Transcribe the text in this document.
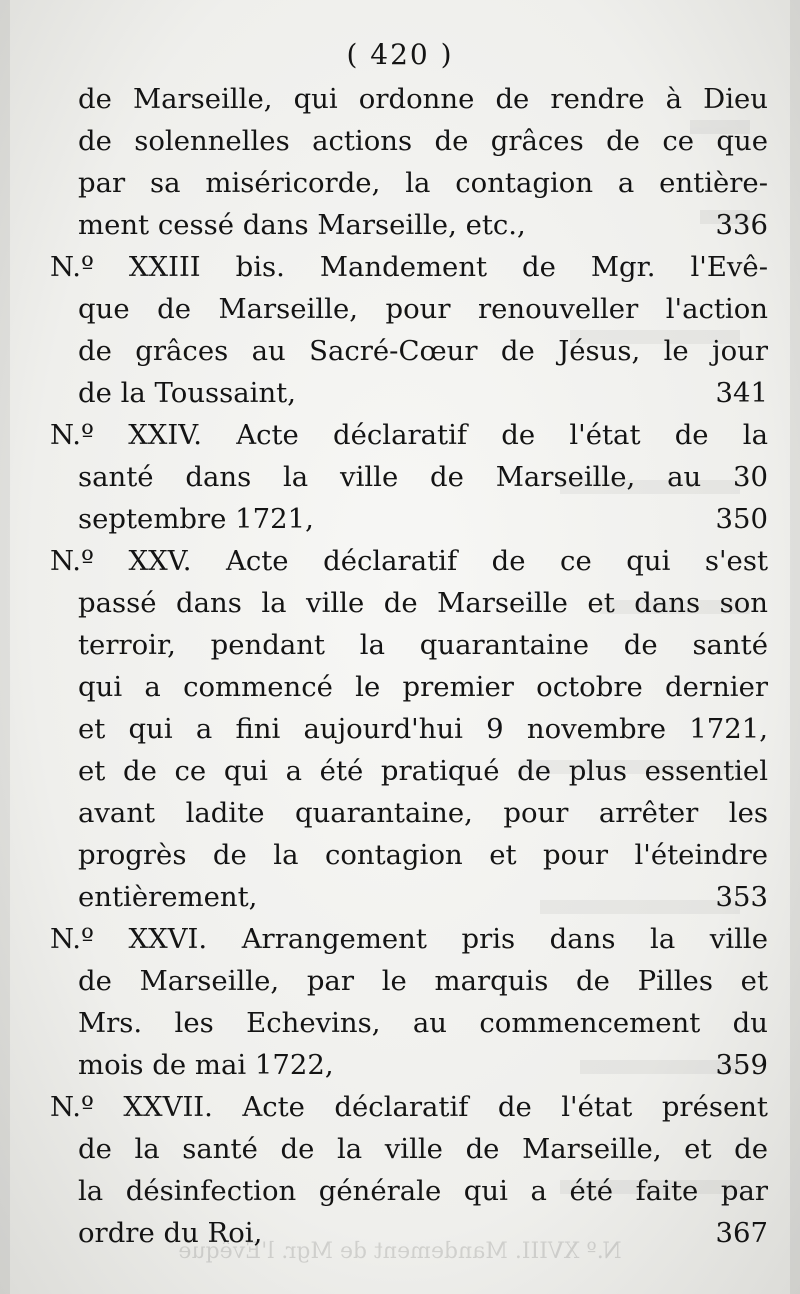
( 420 )
de Marseille, qui ordonne de rendre à Dieu
de solennelles actions de grâces de ce que
par sa miséricorde, la contagion a entière-
ment cessé dans Marseille, etc.,	336
N.º XXIII bis. Mandement de Mgr. l'Evê-
que de Marseille, pour renouveller l'action
de grâces au Sacré-Cœur de Jésus, le jour
de la Toussaint,	341
N.º XXIV. Acte déclaratif de l'état de la
santé dans la ville de Marseille, au 30
septembre 1721,	350
N.º XXV. Acte déclaratif de ce qui s'est
passé dans la ville de Marseille et dans son
terroir, pendant la quarantaine de santé
qui a commencé le premier octobre dernier
et qui a fini aujourd'hui 9 novembre 1721,
et de ce qui a été pratiqué de plus essentiel
avant ladite quarantaine, pour arrêter les
progrès de la contagion et pour l'éteindre
entièrement,	353
N.º XXVI. Arrangement pris dans la ville
de Marseille, par le marquis de Pilles et
Mrs. les Echevins, au commencement du
mois de mai 1722,	359
N.º XXVII. Acte déclaratif de l'état présent
de la santé de la ville de Marseille, et de
la désinfection générale qui a été faite par
ordre du Roi,	367
N.º XVIII. Mandement de Mgr. l'Evêque
